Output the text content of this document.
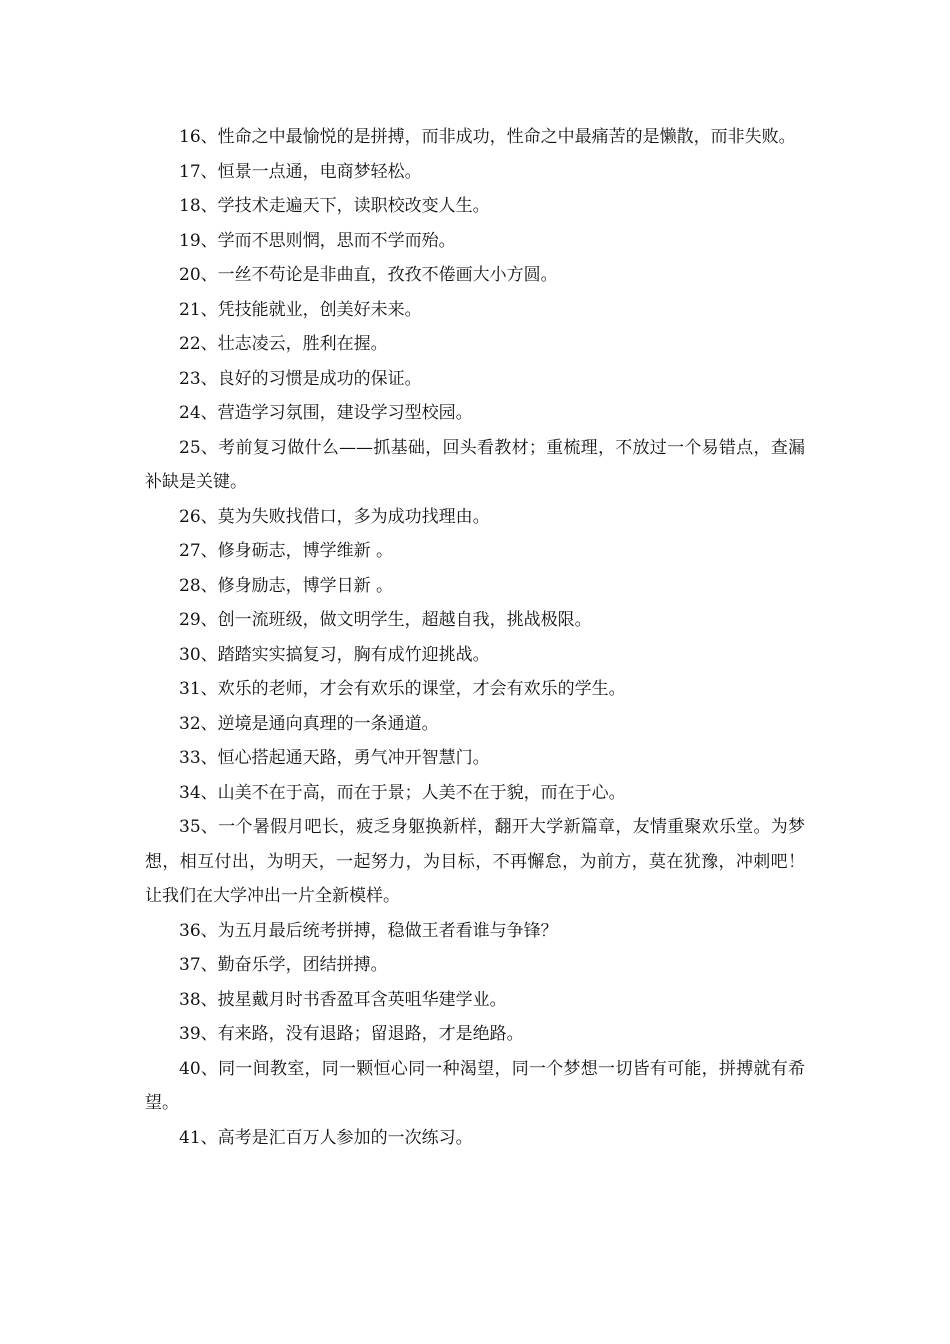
16、性命之中最愉悦的是拼搏，而非成功，性命之中最痛苦的是懒散，而非失败。

17、恒景一点通，电商梦轻松。

18、学技术走遍天下，读职校改变人生。

19、学而不思则惘，思而不学而殆。

20、一丝不苟论是非曲直，孜孜不倦画大小方圆。

21、凭技能就业，创美好未来。

22、壮志凌云，胜利在握。

23、良好的习惯是成功的保证。

24、营造学习氛围，建设学习型校园。

25、考前复习做什么——抓基础，回头看教材；重梳理，不放过一个易错点，查漏补缺是关键。

26、莫为失败找借口，多为成功找理由。

27、修身砺志，博学维新 。

28、修身励志，博学日新 。

29、创一流班级，做文明学生，超越自我，挑战极限。

30、踏踏实实搞复习，胸有成竹迎挑战。

31、欢乐的老师，才会有欢乐的课堂，才会有欢乐的学生。

32、逆境是通向真理的一条通道。

33、恒心搭起通天路，勇气冲开智慧门。

34、山美不在于高，而在于景；人美不在于貌，而在于心。

35、一个暑假月吧长，疲乏身躯换新样，翻开大学新篇章，友情重聚欢乐堂。为梦想，相互付出，为明天，一起努力，为目标，不再懈怠，为前方，莫在犹豫，冲刺吧！让我们在大学冲出一片全新模样。

36、为五月最后统考拼搏，稳做王者看谁与争锋？

37、勤奋乐学，团结拼搏。

38、披星戴月时书香盈耳含英咀华建学业。

39、有来路，没有退路；留退路，才是绝路。

40、同一间教室，同一颗恒心同一种渴望，同一个梦想一切皆有可能，拼搏就有希望。

41、高考是汇百万人参加的一次练习。
